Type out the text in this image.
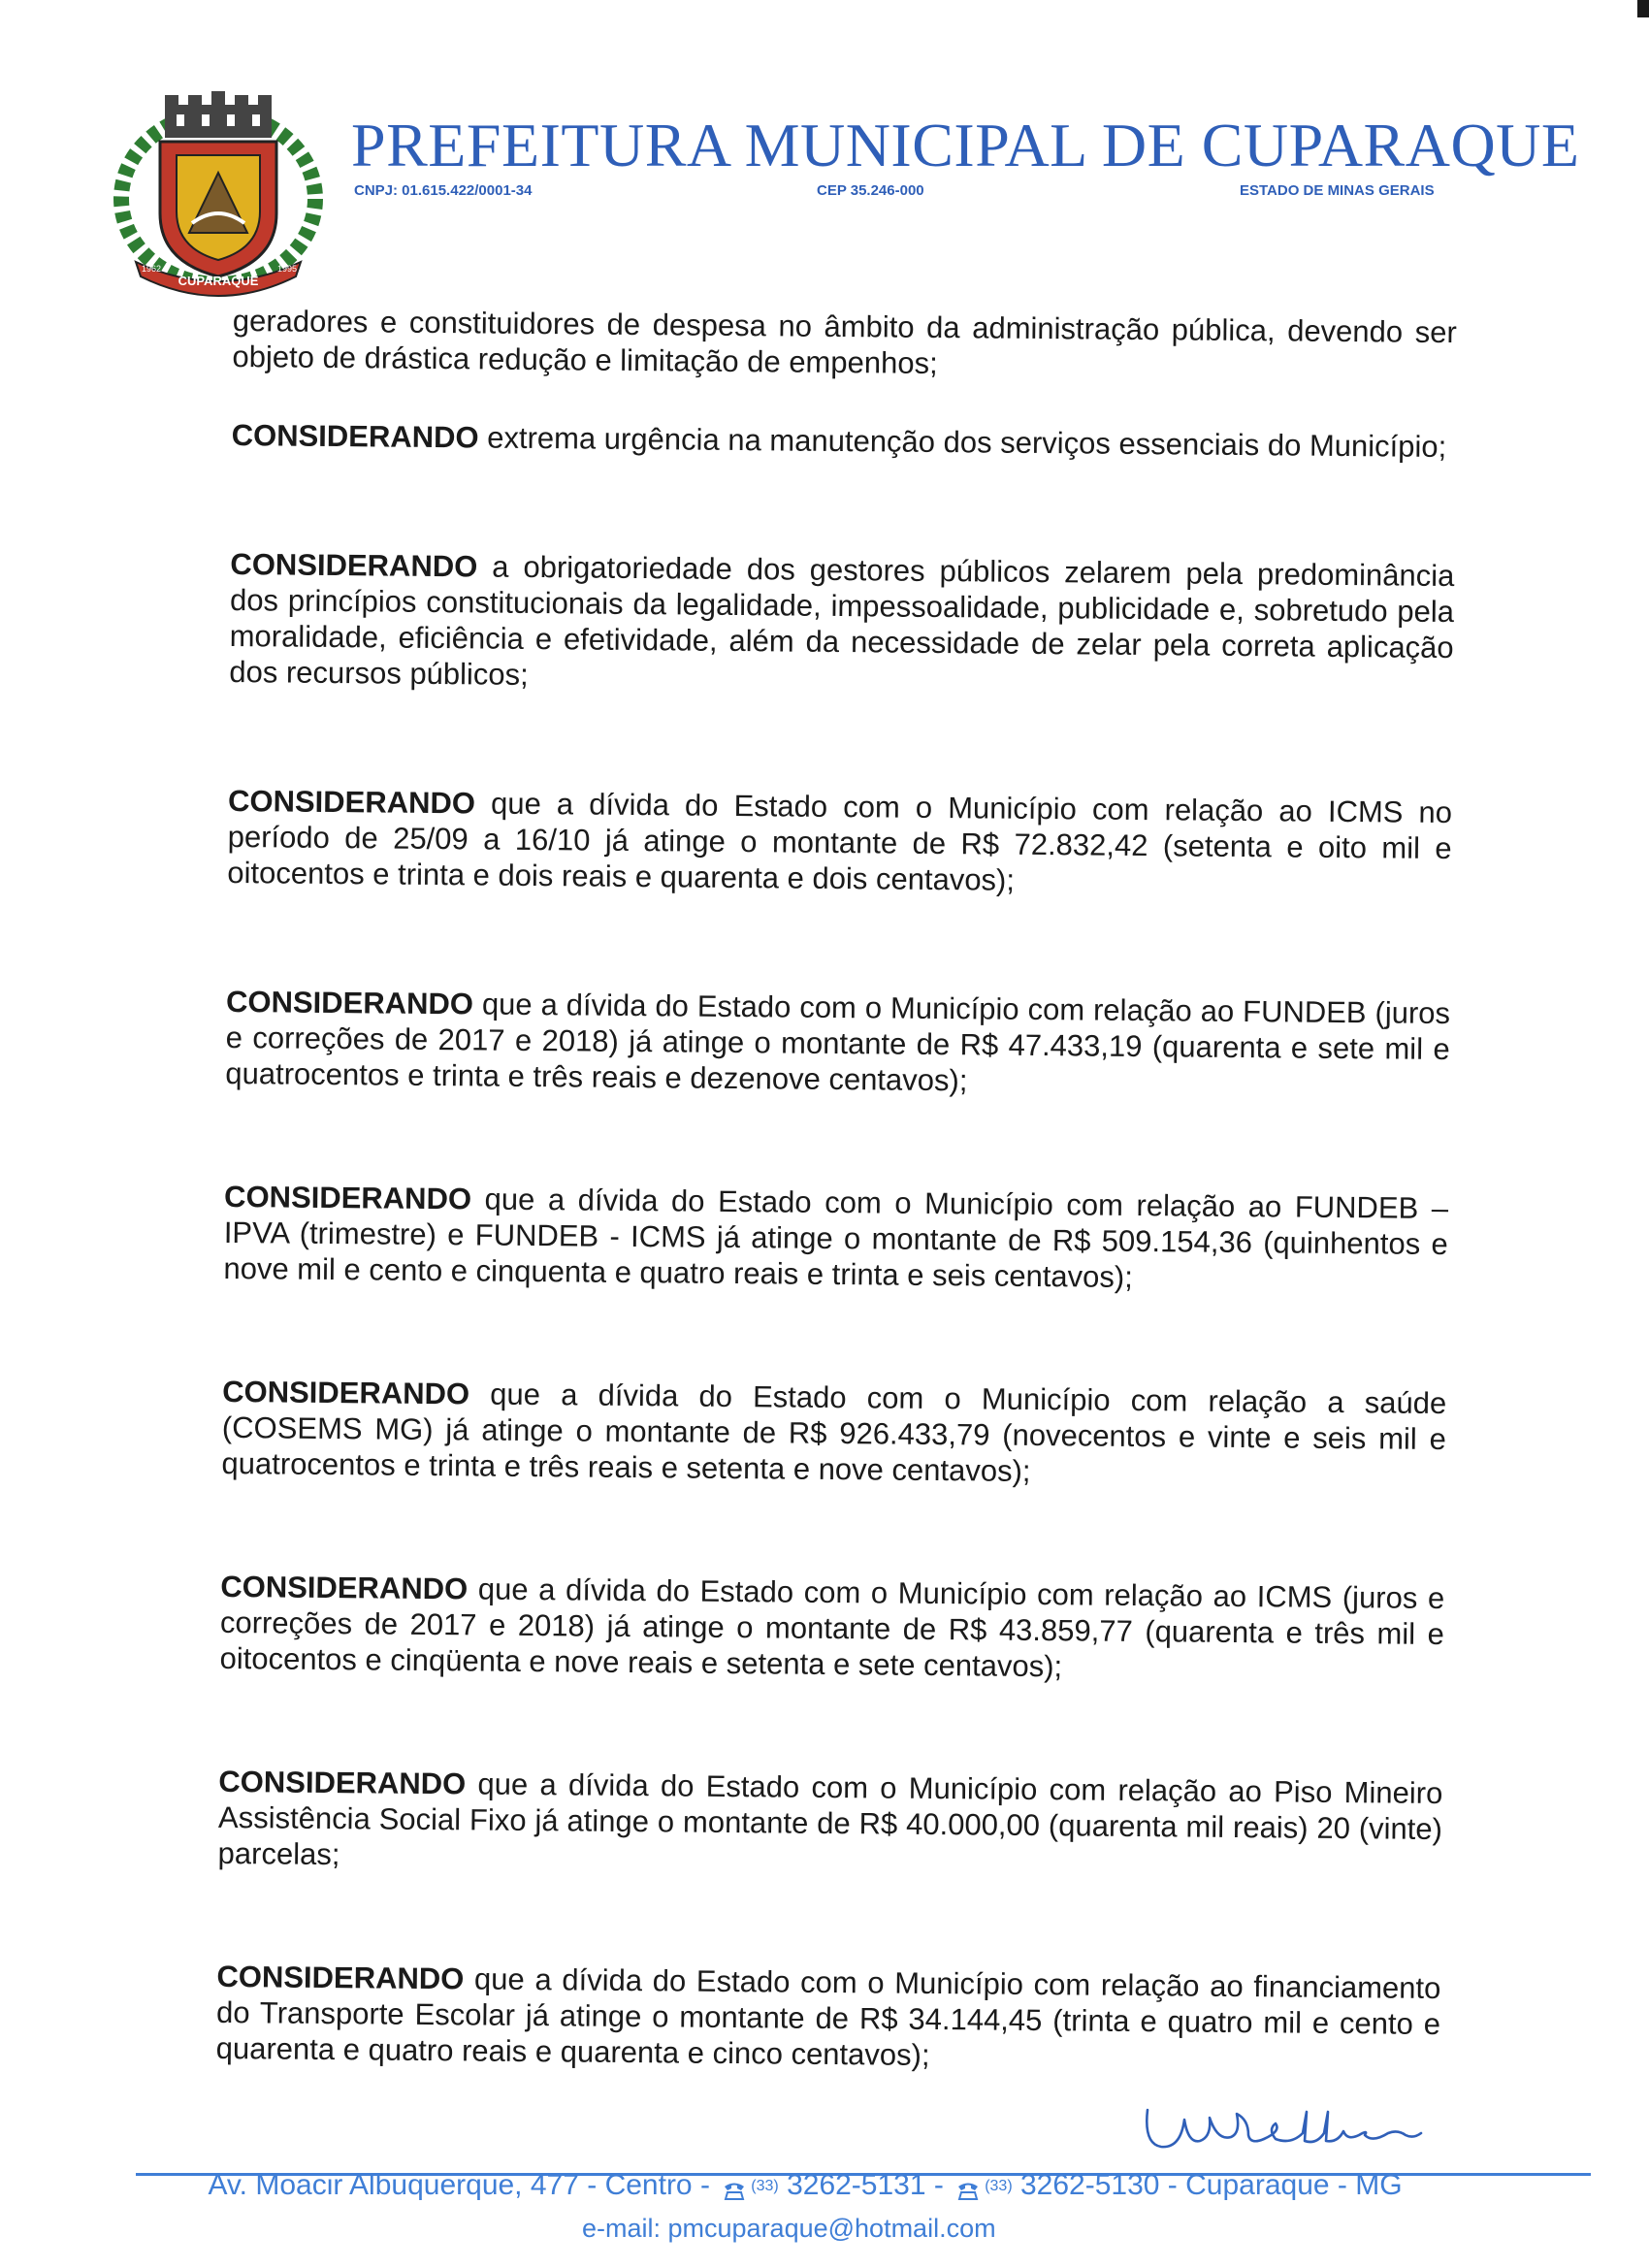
CUPARAQUE
1962	1995
PREFEITURA MUNICIPAL DE CUPARAQUE
CNPJ: 01.615.422/0001-34	CEP 35.246-000	ESTADO DE MINAS GERAIS

geradores e constituidores de despesa no âmbito da administração pública, devendo ser objeto de drástica redução e limitação de empenhos;

CONSIDERANDO extrema urgência na manutenção dos serviços essenciais do Município;

CONSIDERANDO a obrigatoriedade dos gestores públicos zelarem pela predominância dos princípios constitucionais da legalidade, impessoalidade, publicidade e, sobretudo pela moralidade, eficiência e efetividade, além da necessidade de zelar pela correta aplicação dos recursos públicos;

CONSIDERANDO que a dívida do Estado com o Município com relação ao ICMS no período de 25/09 a 16/10 já atinge o montante de R$ 72.832,42 (setenta e oito mil e oitocentos e trinta e dois reais e quarenta e dois centavos);

CONSIDERANDO que a dívida do Estado com o Município com relação ao FUNDEB (juros e correções de 2017 e 2018) já atinge o montante de R$ 47.433,19 (quarenta e sete mil e quatrocentos e trinta e três reais e dezenove centavos);

CONSIDERANDO que a dívida do Estado com o Município com relação ao FUNDEB – IPVA (trimestre) e FUNDEB - ICMS já atinge o montante de R$ 509.154,36 (quinhentos e nove mil e cento e cinquenta e quatro reais e trinta e seis centavos);

CONSIDERANDO que a dívida do Estado com o Município com relação a saúde (COSEMS MG) já atinge o montante de R$ 926.433,79 (novecentos e vinte e seis mil e quatrocentos e trinta e três reais e setenta e nove centavos);

CONSIDERANDO que a dívida do Estado com o Município com relação ao ICMS (juros e correções de 2017 e 2018) já atinge o montante de R$ 43.859,77 (quarenta e três mil e oitocentos e cinqüenta e nove reais e setenta e sete centavos);

CONSIDERANDO que a dívida do Estado com o Município com relação ao Piso Mineiro Assistência Social Fixo já atinge o montante de R$ 40.000,00 (quarenta mil reais) 20 (vinte) parcelas;

CONSIDERANDO que a dívida do Estado com o Município com relação ao financiamento do Transporte Escolar já atinge o montante de R$ 34.144,45 (trinta e quatro mil e cento e quarenta e quatro reais e quarenta e cinco centavos);

Av. Moacir Albuquerque, 477 - Centro - (33) 3262-5131 - (33) 3262-5130 - Cuparaque - MG
e-mail: pmcuparaque@hotmail.com
